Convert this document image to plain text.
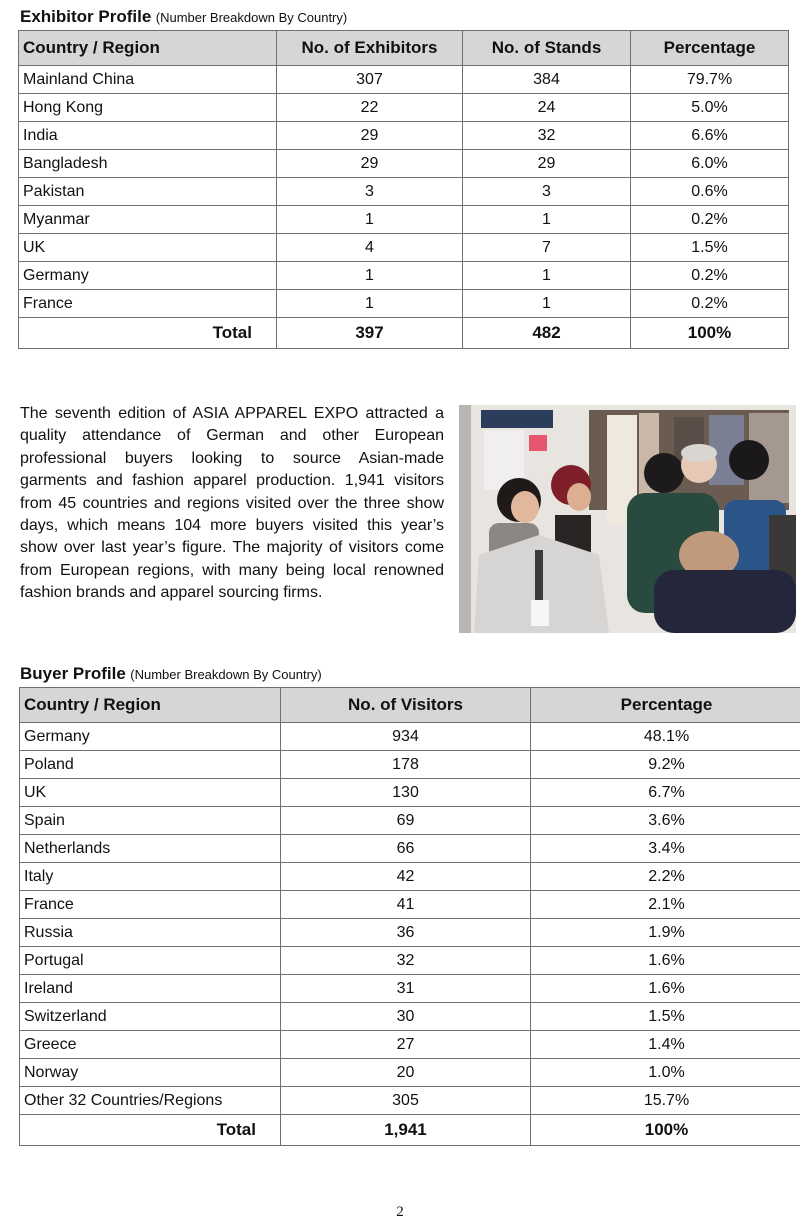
Exhibitor Profile (Number Breakdown By Country)
Country / Region	No. of Exhibitors	No. of Stands	Percentage
Mainland China	307	384	79.7%
Hong Kong	22	24	5.0%
India	29	32	6.6%
Bangladesh	29	29	6.0%
Pakistan	3	3	0.6%
Myanmar	1	1	0.2%
UK	4	7	1.5%
Germany	1	1	0.2%
France	1	1	0.2%
Total	397	482	100%

The seventh edition of ASIA APPAREL EXPO attracted a quality attendance of German and other European professional buyers looking to source Asian-made garments and fashion apparel production. 1,941 visitors from 45 countries and regions visited over the three show days, which means 104 more buyers visited this year’s show over last year’s figure. The majority of visitors come from European regions, with many being local renowned fashion brands and apparel sourcing firms.

Buyer Profile (Number Breakdown By Country)
Country / Region	No. of Visitors	Percentage
Germany	934	48.1%
Poland	178	9.2%
UK	130	6.7%
Spain	69	3.6%
Netherlands	66	3.4%
Italy	42	2.2%
France	41	2.1%
Russia	36	1.9%
Portugal	32	1.6%
Ireland	31	1.6%
Switzerland	30	1.5%
Greece	27	1.4%
Norway	20	1.0%
Other 32 Countries/Regions	305	15.7%
Total	1,941	100%
2
